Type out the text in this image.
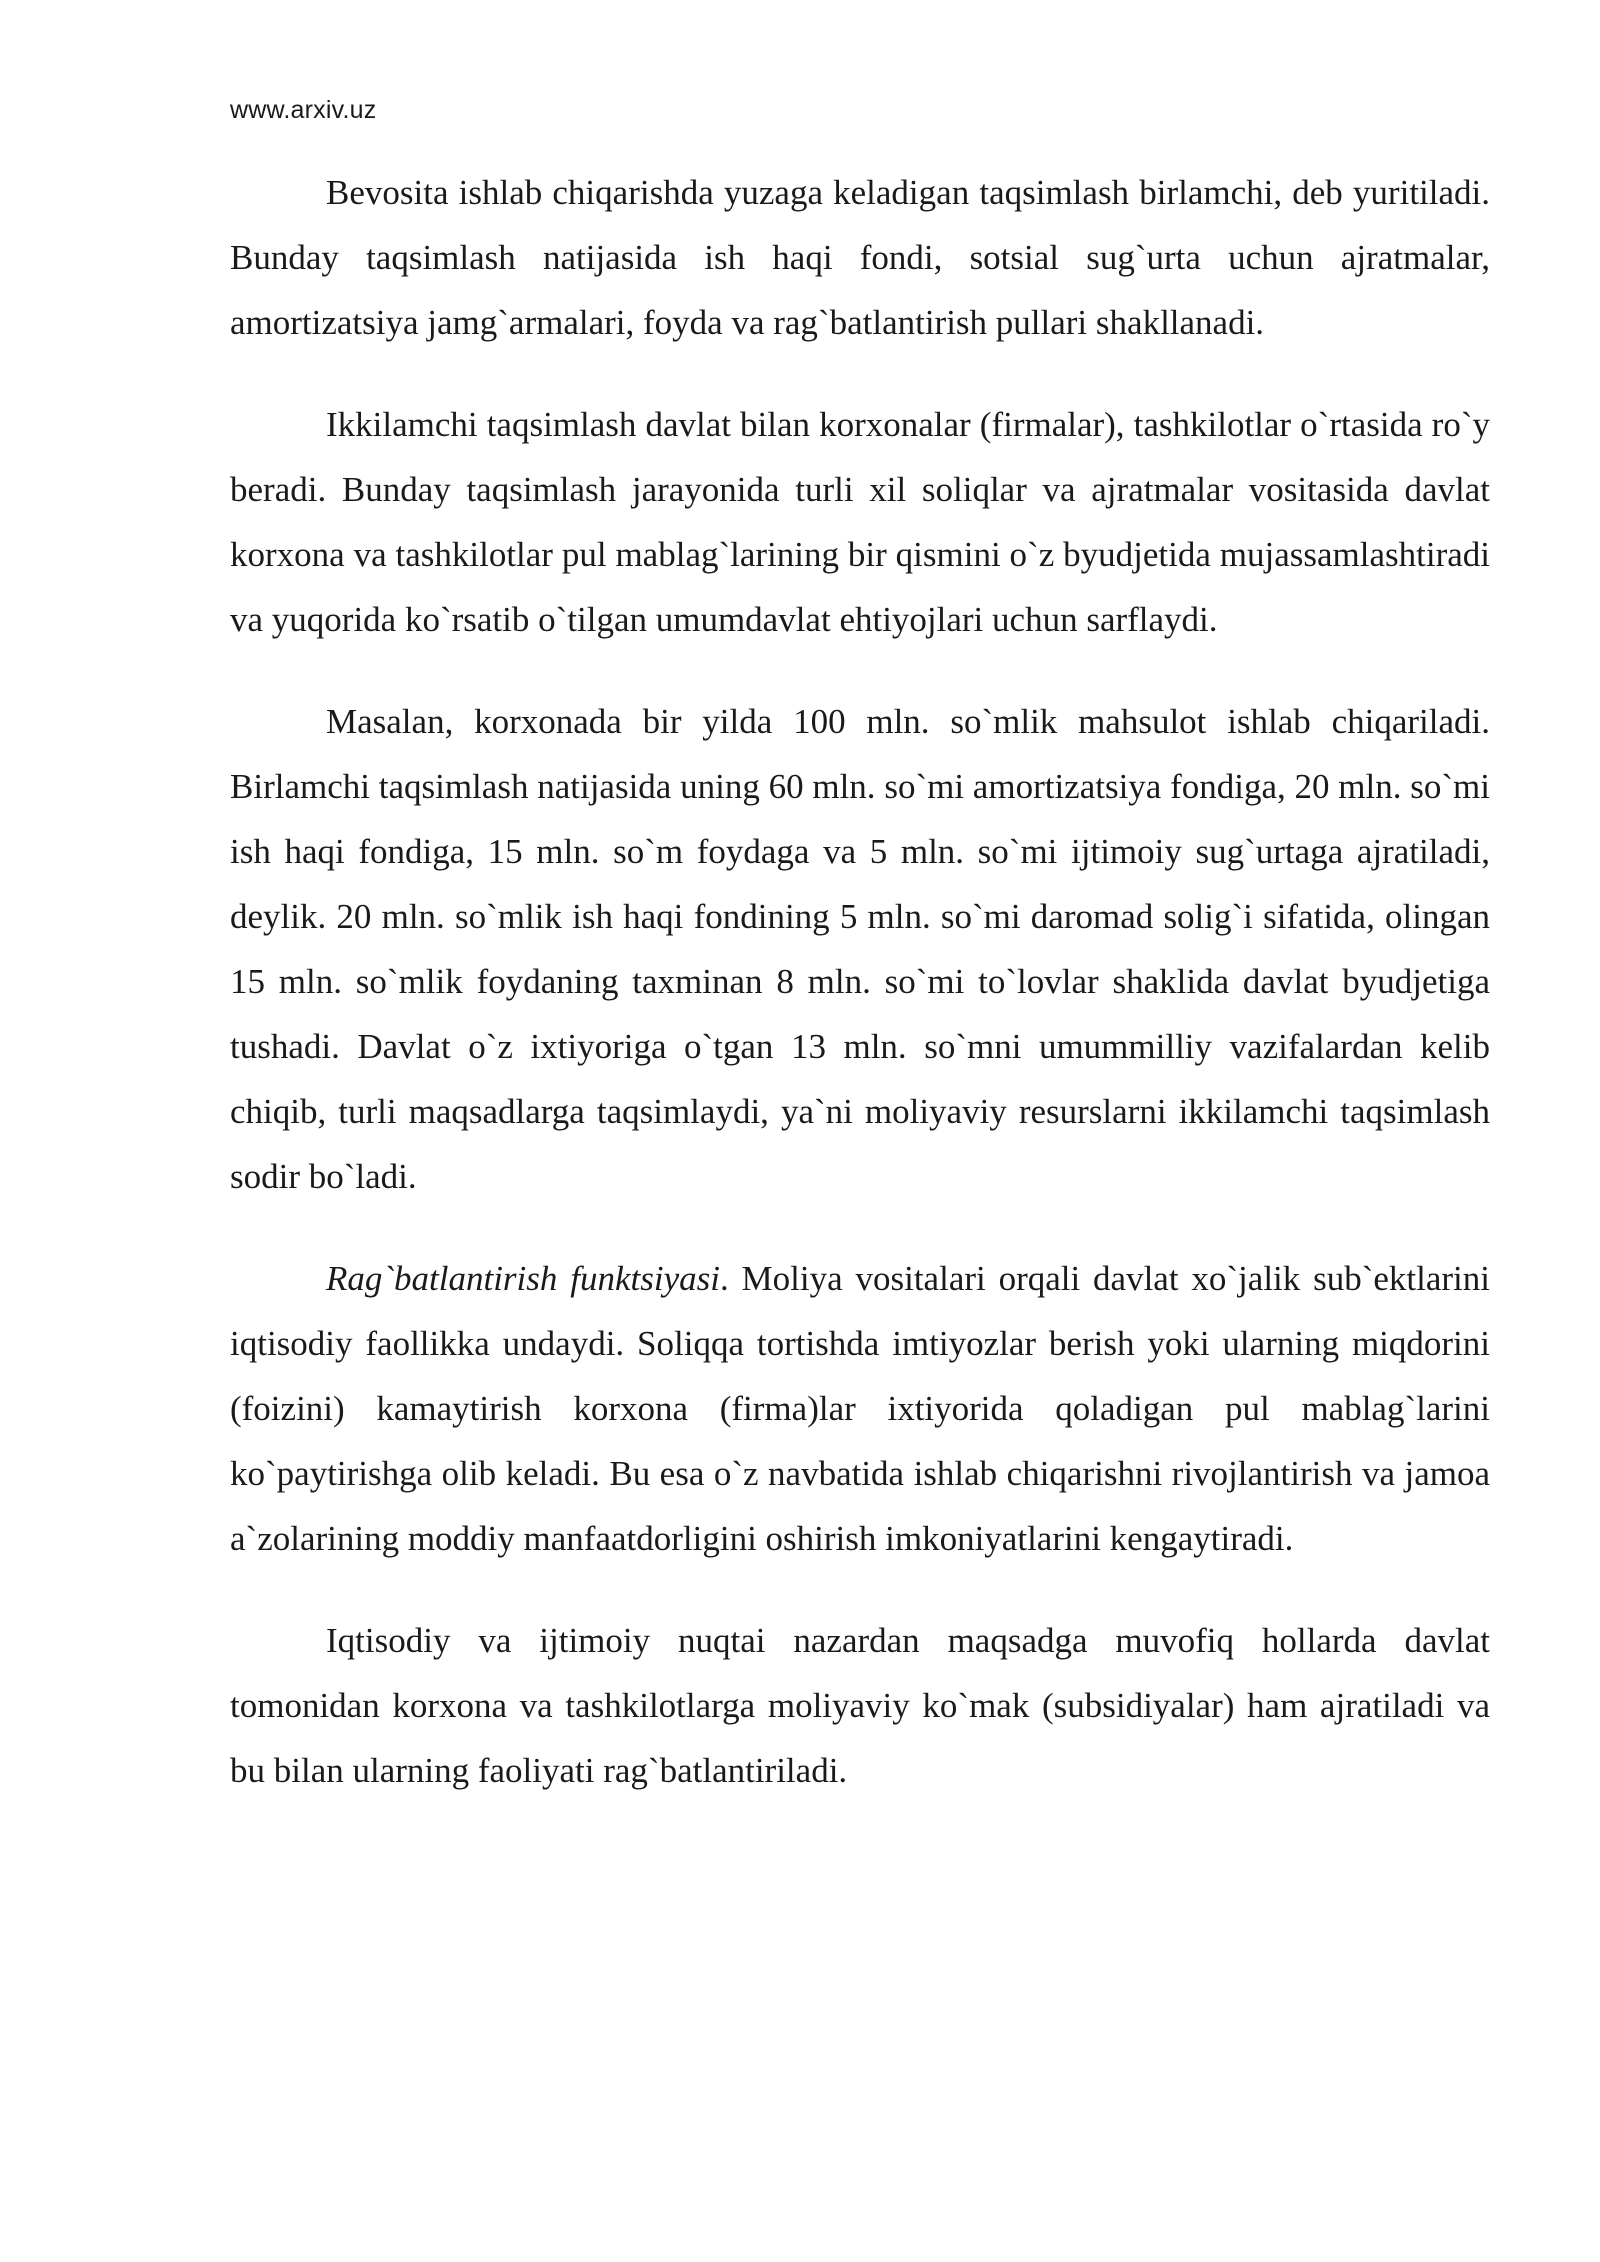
www.arxiv.uz

Bevosita ishlab chiqarishda yuzaga keladigan taqsimlash birlamchi, deb yuritiladi. Bunday taqsimlash natijasida ish haqi fondi, sotsial sug`urta uchun ajratmalar, amortizatsiya jamg`armalari, foyda va rag`batlantirish pullari shakllanadi.

Ikkilamchi taqsimlash davlat bilan korxonalar (firmalar), tashkilotlar o`rtasida ro`y beradi. Bunday taqsimlash jarayonida turli xil soliqlar va ajratmalar vositasida davlat korxona va tashkilotlar pul mablag`larining bir qismini o`z byudjetida mujassamlashtiradi va yuqorida ko`rsatib o`tilgan umumdavlat ehtiyojlari uchun sarflaydi.

Masalan, korxonada bir yilda 100 mln. so`mlik mahsulot ishlab chiqariladi. Birlamchi taqsimlash natijasida uning 60 mln. so`mi amortizatsiya fondiga, 20 mln. so`mi ish haqi fondiga, 15 mln. so`m foydaga va 5 mln. so`mi ijtimoiy sug`urtaga ajratiladi, deylik. 20 mln. so`mlik ish haqi fondining 5 mln. so`mi daromad solig`i sifatida, olingan 15 mln. so`mlik foydaning taxminan 8 mln. so`mi to`lovlar shaklida davlat byudjetiga tushadi. Davlat o`z ixtiyoriga o`tgan 13 mln. so`mni umummilliy vazifalardan kelib chiqib, turli maqsadlarga taqsimlaydi, ya`ni moliyaviy resurslarni ikkilamchi taqsimlash sodir bo`ladi.

Rag`batlantirish funktsiyasi. Moliya vositalari orqali davlat xo`jalik sub`ektlarini iqtisodiy faollikka undaydi. Soliqqa tortishda imtiyozlar berish yoki ularning miqdorini (foizini) kamaytirish korxona (firma)lar ixtiyorida qoladigan pul mablag`larini ko`paytirishga olib keladi. Bu esa o`z navbatida ishlab chiqarishni rivojlantirish va jamoa a`zolarining moddiy manfaatdorligini oshirish imkoniyatlarini kengaytiradi.

Iqtisodiy va ijtimoiy nuqtai nazardan maqsadga muvofiq hollarda davlat tomonidan korxona va tashkilotlarga moliyaviy ko`mak (subsidiyalar) ham ajratiladi va bu bilan ularning faoliyati rag`batlantiriladi.
